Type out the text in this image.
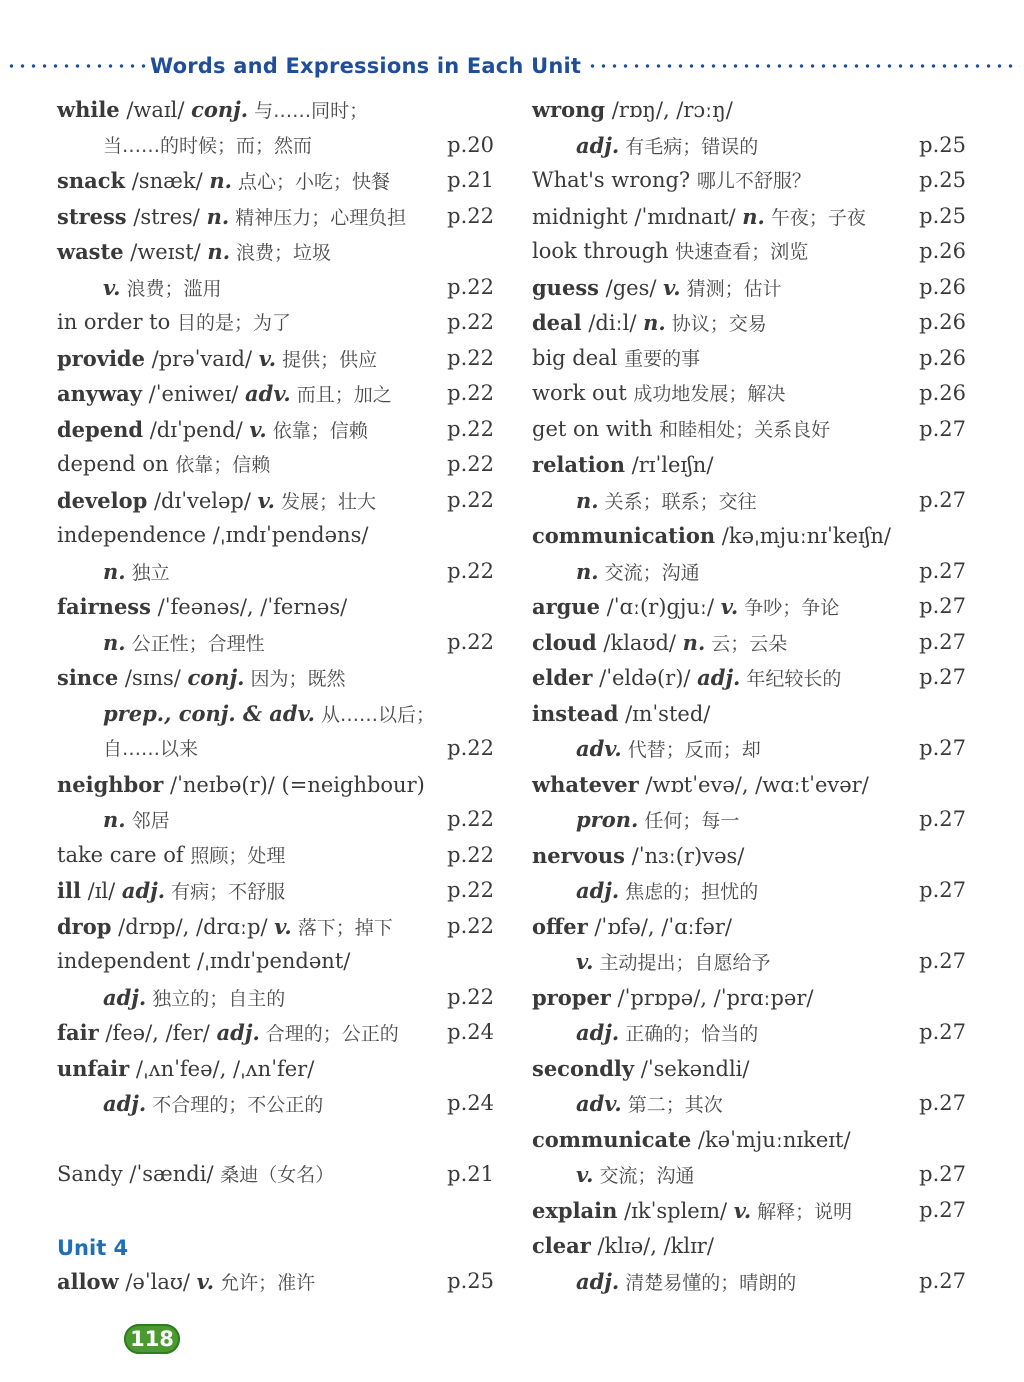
Words and Expressions in Each Unit
while /waɪl/ conj. 与……同时；
当……的时候；而；然而	p.20
snack /snæk/ n. 点心；小吃；快餐	p.21
stress /stres/ n. 精神压力；心理负担 p.22
waste /weɪst/ n. 浪费；垃圾
v. 浪费；滥用	p.22
in order to 目的是；为了	p.22
provide /prəˈvaɪd/ v. 提供；供应	p.22
anyway /ˈeniweɪ/ adv. 而且；加之	p.22
depend /dɪˈpend/ v. 依靠；信赖	p.22
depend on 依靠；信赖	p.22
develop /dɪˈveləp/ v. 发展；壮大	p.22
independence /ˌɪndɪˈpendəns/
n. 独立	p.22
fairness /ˈfeənəs/, /ˈfernəs/
n. 公正性；合理性	p.22
since /sɪns/ conj. 因为；既然
prep., conj. & adv. 从……以后；
自……以来	p.22
neighbor /ˈneɪbə(r)/ (=neighbour)
n. 邻居	p.22
take care of 照顾；处理	p.22
ill /ɪl/ adj. 有病；不舒服	p.22
drop /drɒp/, /drɑːp/ v. 落下；掉下	p.22
independent /ˌɪndɪˈpendənt/
adj. 独立的；自主的	p.22
fair /feə/, /fer/ adj. 合理的；公正的 p.24
unfair /ˌʌnˈfeə/, /ˌʌnˈfer/
adj. 不合理的；不公正的	p.24
Sandy /ˈsændi/ 桑迪（女名）	p.21
Unit 4
allow /əˈlaʊ/ v. 允许；准许	p.25
wrong /rɒŋ/, /rɔːŋ/
adj. 有毛病；错误的	p.25
What's wrong? 哪儿不舒服？	p.25
midnight /ˈmɪdnaɪt/ n. 午夜；子夜	p.25
look through 快速查看；浏览	p.26
guess /ges/ v. 猜测；估计	p.26
deal /diːl/ n. 协议；交易	p.26
big deal 重要的事	p.26
work out 成功地发展；解决	p.26
get on with 和睦相处；关系良好	p.27
relation /rɪˈleɪʃn/
n. 关系；联系；交往	p.27
communication /kəˌmjuːnɪˈkeɪʃn/
n. 交流；沟通	p.27
argue /ˈɑː(r)gjuː/ v. 争吵；争论	p.27
cloud /klaʊd/ n. 云；云朵	p.27
elder /ˈeldə(r)/ adj. 年纪较长的	p.27
instead /ɪnˈsted/
adv. 代替；反而；却	p.27
whatever /wɒtˈevə/, /wɑːtˈevər/
pron. 任何；每一	p.27
nervous /ˈnɜː(r)vəs/
adj. 焦虑的；担忧的	p.27
offer /ˈɒfə/, /ˈɑːfər/
v. 主动提出；自愿给予	p.27
proper /ˈprɒpə/, /ˈprɑːpər/
adj. 正确的；恰当的	p.27
secondly /ˈsekəndli/
adv. 第二；其次	p.27
communicate /kəˈmjuːnɪkeɪt/
v. 交流；沟通	p.27
explain /ɪkˈspleɪn/ v. 解释；说明	p.27
clear /klɪə/, /klɪr/
adj. 清楚易懂的；晴朗的	p.27
118
